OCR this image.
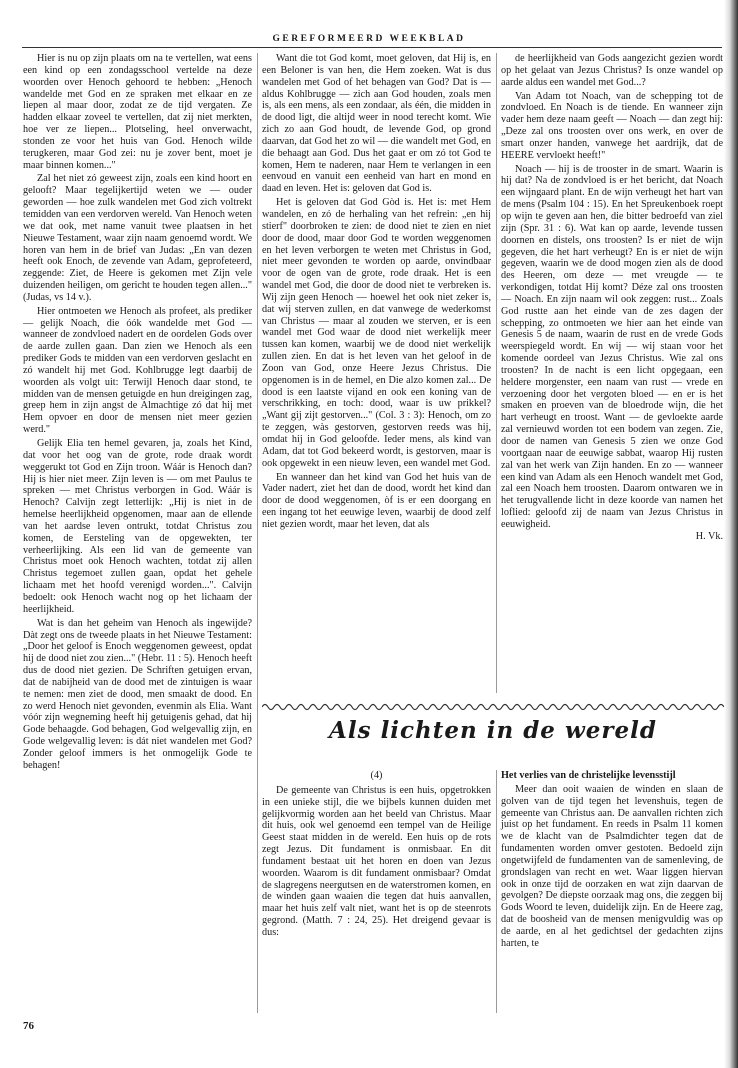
GEREFORMEERD WEEKBLAD

Hier is nu op zijn plaats om na te vertellen, wat eens een kind op een zondagsschool vertelde na deze woorden over Henoch gehoord te hebben: „Henoch wandelde met God en ze spraken met elkaar en ze liepen al maar door, zodat ze de tijd vergaten. Ze hadden elkaar zoveel te vertellen, dat zij niet merkten, hoe ver ze liepen... Plotseling, heel onverwacht, stonden ze voor het huis van God. Henoch wilde terugkeren, maar God zei: nu je zover bent, moet je maar binnen komen..."

Zal het niet zó geweest zijn, zoals een kind hoort en gelooft? Maar tegelijkertijd weten we — ouder geworden — hoe zulk wandelen met God zich voltrekt temidden van een verdorven wereld. Van Henoch weten we dat ook, met name vanuit twee plaatsen in het Nieuwe Testament, waar zijn naam genoemd wordt. We horen van hem in de brief van Judas: „En van dezen heeft ook Enoch, de zevende van Adam, geprofeteerd, zeggende: Ziet, de Heere is gekomen met Zijn vele duizenden heiligen, om gericht te houden tegen allen..." (Judas, vs 14 v.).

Hier ontmoeten we Henoch als profeet, als prediker — gelijk Noach, die óók wandelde met God — wanneer de zondvloed nadert en de oordelen Gods over de aarde zullen gaan. Dan zien we Henoch als een prediker Gods te midden van een verdorven geslacht en zó wandelt hij met God. Kohlbrugge legt daarbij de woorden als volgt uit: Terwijl Henoch daar stond, te midden van de mensen getuigde en hun dreigingen zag, greep hem in zijn angst de Almachtige zó dat hij met Hem opvoer en door de mensen niet meer gezien werd."

Gelijk Elia ten hemel gevaren, ja, zoals het Kind, dat voor het oog van de grote, rode draak wordt weggerukt tot God en Zijn troon. Wáár is Henoch dan? Hij is hier niet meer. Zijn leven is — om met Paulus te spreken — met Christus verborgen in God. Wáár is Henoch? Calvijn zegt letterlijk: „Hij is niet in de hemelse heerlijkheid opgenomen, maar aan de ellende van het aardse leven ontrukt, totdat Christus zou komen, de Eersteling van de opgewekten, ter verheerlijking. Als een lid van de gemeente van Christus moet ook Henoch wachten, totdat zij allen Christus tegemoet zullen gaan, opdat het gehele lichaam met het hoofd verenigd worden...". Calvijn bedoelt: ook Henoch wacht nog op het lichaam der heerlijkheid.

Wat is dan het geheim van Henoch als ingewijde? Dàt zegt ons de tweede plaats in het Nieuwe Testament: „Door het geloof is Enoch weggenomen geweest, opdat hij de dood niet zou zien..." (Hebr. 11 : 5). Henoch heeft dus de dood niet gezien. De Schriften getuigen ervan, dat de nabijheid van de dood met de zintuigen is waar te nemen: men ziet de dood, men smaakt de dood. En zo werd Henoch niet gevonden, evenmin als Elia. Want vóór zijn wegneming heeft hij getuigenis gehad, dat hij Gode behaagde. God behagen, God welgevallig zijn, en Gode welgevallig leven: is dát niet wandelen met God? Zonder geloof immers is het onmogelijk Gode te behagen!

Want die tot God komt, moet geloven, dat Hij is, en een Beloner is van hen, die Hem zoeken. Wat is dus wandelen met God of het behagen van God? Dat is — aldus Kohlbrugge — zich aan God houden, zoals men is, als een mens, als een zondaar, als één, die midden in de dood ligt, die altijd weer in nood terecht komt. Wie zich zo aan God houdt, de levende God, op grond daarvan, dat God het zo wil — die wandelt met God, en die behaagt aan God. Dus het gaat er om zó tot God te komen, Hem te naderen, naar Hem te verlangen in een eenvoud en vanuit een eenheid van hart en mond en daad en leven. Het is: geloven dat God is.

Het is geloven dat God Gòd is. Het is: met Hem wandelen, en zó de herhaling van het refrein: „en hij stierf" doorbroken te zien: de dood niet te zien en niet door de dood, maar door God te worden weggenomen en het leven verborgen te weten met Christus in God, niet meer gevonden te worden op aarde, onvindbaar voor de ogen van de grote, rode draak. Het is een wandel met God, die door de dood niet te verbreken is. Wij zijn geen Henoch — hoewel het ook niet zeker is, dat wij sterven zullen, en dat vanwege de wederkomst van Christus — maar al zouden we sterven, er is een wandel met God waar de dood niet werkelijk meer tussen kan komen, waarbij we de dood niet werkelijk zullen zien. En dat is het leven van het geloof in de Zoon van God, onze Heere Jezus Christus. Die opgenomen is in de hemel, en Die alzo komen zal... De dood is een laatste vijand en ook een koning van de verschrikking, en toch: dood, waar is uw prikkel? „Want gij zijt gestorven..." (Col. 3 : 3): Henoch, om zo te zeggen, wàs gestorven, gestorven reeds was hij, omdat hij in God geloofde. Ieder mens, als kind van Adam, dat tot God bekeerd wordt, is gestorven, maar is ook opgewekt in een nieuw leven, een wandel met God.

En wanneer dan het kind van God het huis van de Vader nadert, ziet het dan de dood, wordt het kind dan door de dood weggenomen, òf is er een doorgang en een ingang tot het eeuwige leven, waarbij de dood zelf niet gezien wordt, maar het leven, dat als

de heerlijkheid van Gods aangezicht gezien wordt op het gelaat van Jezus Christus? Is onze wandel op aarde aldus een wandel met God...?

Van Adam tot Noach, van de schepping tot de zondvloed. En Noach is de tiende. En wanneer zijn vader hem deze naam geeft — Noach — dan zegt hij: „Deze zal ons troosten over ons werk, en over de smart onzer handen, vanwege het aardrijk, dat de HEERE vervloekt heeft!"

Noach — hij is de trooster in de smart. Waarin is hij dat? Na de zondvloed is er het bericht, dat Noach een wijngaard plant. En de wijn verheugt het hart van de mens (Psalm 104 : 15). En het Spreukenboek roept op wijn te geven aan hen, die bitter bedroefd van ziel zijn (Spr. 31 : 6). Wat kan op aarde, levende tussen doornen en distels, ons troosten? Is er niet de wijn gegeven, die het hart verheugt? En is er niet de wijn gegeven, waarin we de dood mogen zien als de dood des Heeren, om deze — met vreugde — te verkondigen, totdat Hij komt? Déze zal ons troosten — Noach. En zijn naam wil ook zeggen: rust... Zoals God rustte aan het einde van de zes dagen der schepping, zo ontmoeten we hier aan het einde van Genesis 5 de naam, waarin de rust en de vrede Gods weerspiegeld wordt. En wij — wij staan voor het komende oordeel van Jezus Christus. Wie zal ons troosten? In de nacht is een licht opgegaan, een heldere morgenster, een naam van rust — vrede en verzoening door het vergoten bloed — en er is het smaken en proeven van de bloedrode wijn, die het hart verheugt en troost. Want — de gevloekte aarde zal vernieuwd worden tot een bodem van zegen. Zie, door de namen van Genesis 5 zien we onze God voortgaan naar de eeuwige sabbat, waarop Hij rusten zal van het werk van Zijn handen. En zo — wanneer een kind van Adam als een Henoch wandelt met God, zal een Noach hem troosten. Daarom ontwaren we in het terugvallende licht in deze koorde van namen het loflied: geloofd zij de naam van Jezus Christus in eeuwigheid.

H. Vk.
Als lichten in de wereld
(4)

De gemeente van Christus is een huis, opgetrokken in een unieke stijl, die we bijbels kunnen duiden met gelijkvormig worden aan het beeld van Christus. Maar dit huis, ook wel genoemd een tempel van de Heilige Geest staat midden in de wereld. Een huis op de rots zegt Jezus. Dit fundament is onmisbaar. En dit fundament bestaat uit het horen en doen van Jezus woorden. Waarom is dit fundament onmisbaar? Omdat de slagregens neergutsen en de waterstromen komen, en de winden gaan waaien die tegen dat huis aanvallen, maar het huis zelf valt niet, want het is op de steenrots gegrond. (Matth. 7 : 24, 25). Het dreigend gevaar is dus:

Het verlies van de christelijke levensstijl

Meer dan ooit waaien de winden en slaan de golven van de tijd tegen het levenshuis, tegen de gemeente van Christus aan. De aanvallen richten zich juist op het fundament. En reeds in Psalm 11 komen we de klacht van de Psalmdichter tegen dat de fundamenten worden omver gestoten. Bedoeld zijn ongetwijfeld de fundamenten van de samenleving, de grondslagen van recht en wet. Waar liggen hiervan ook in onze tijd de oorzaken en wat zijn daarvan de gevolgen? De diepste oorzaak mag ons, die zeggen bij Gods Woord te leven, duidelijk zijn. En de Heere zag, dat de boosheid van de mensen menigvuldig was op de aarde, en al het gedichtsel der gedachten zijns harten, te

76
